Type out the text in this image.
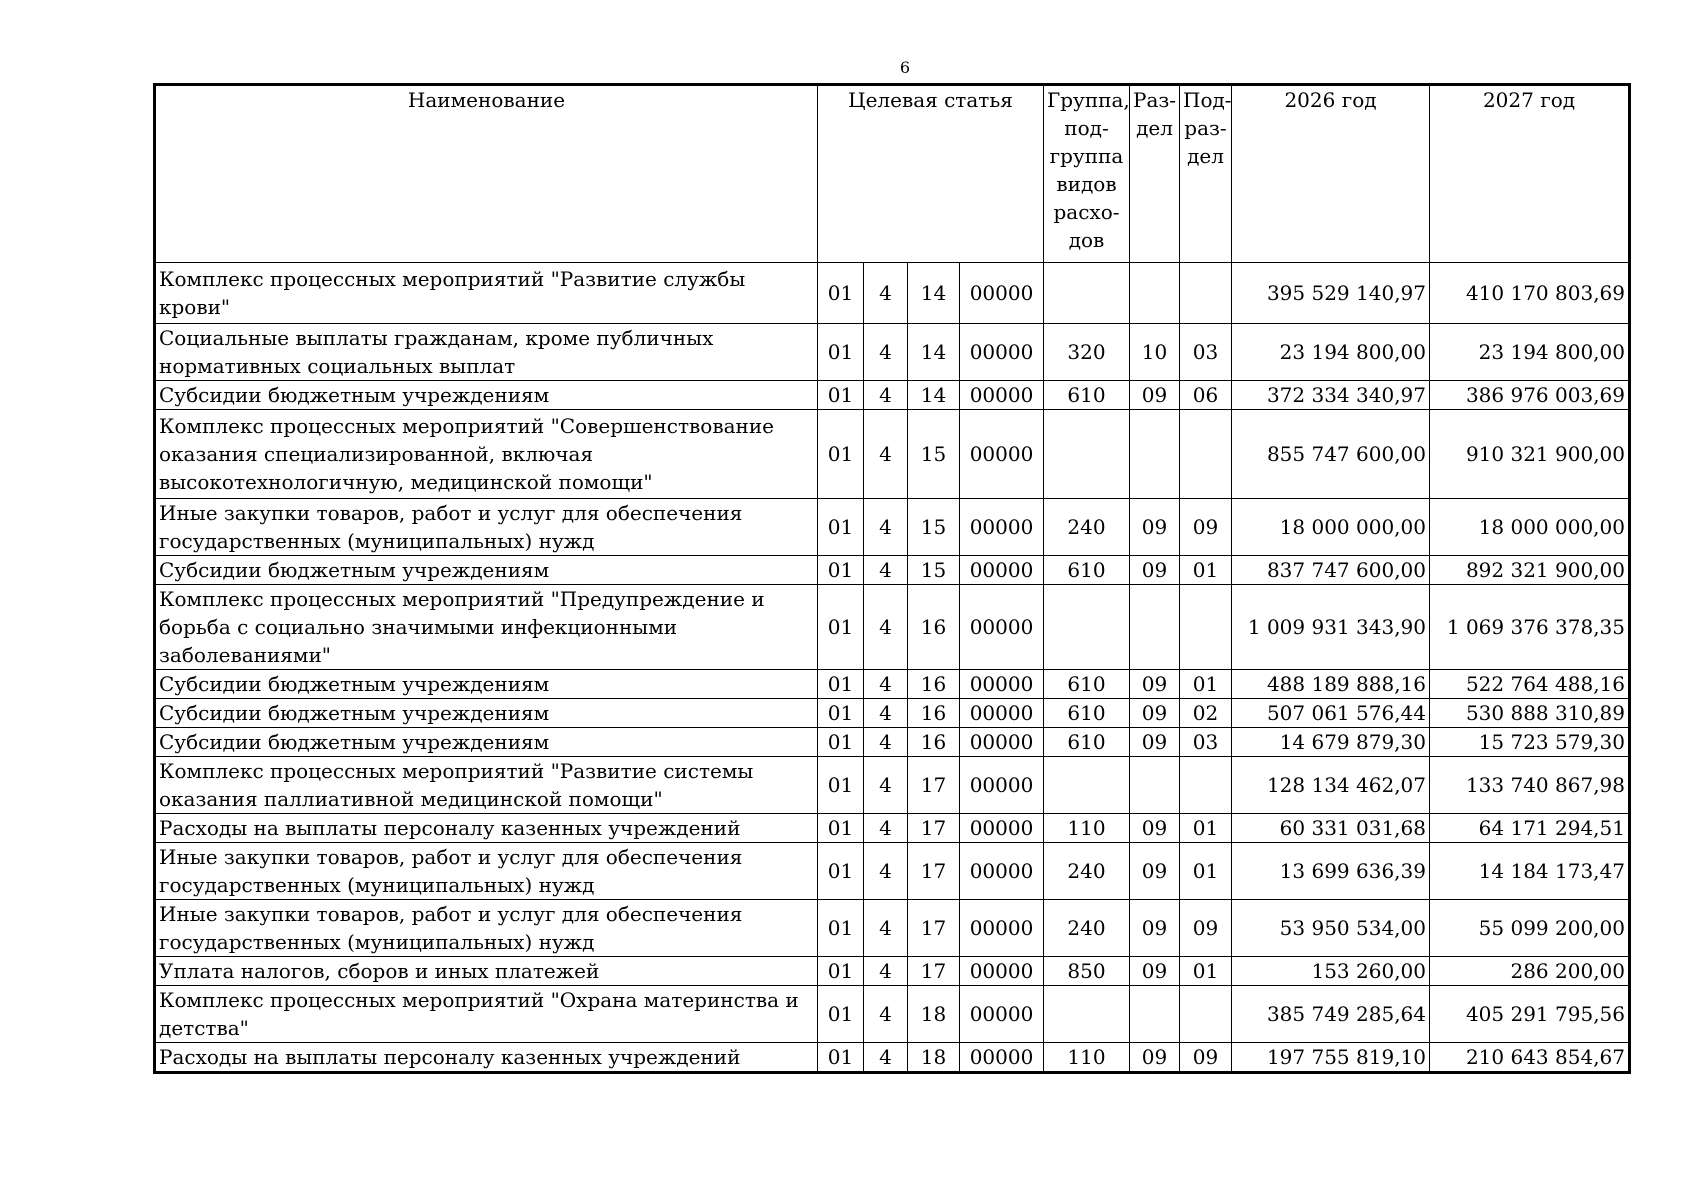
6
Наименование	Целевая статья				Группа, под-группа видов расхо-дов	Раз-дел	Под-раз-дел	2026 год	2027 год
Комплекс процессных мероприятий "Развитие службы крови"	01	4	14	00000				395 529 140,97	410 170 803,69
Социальные выплаты гражданам, кроме публичных нормативных социальных выплат	01	4	14	00000	320	10	03	23 194 800,00	23 194 800,00
Субсидии бюджетным учреждениям	01	4	14	00000	610	09	06	372 334 340,97	386 976 003,69
Комплекс процессных мероприятий "Совершенствование оказания специализированной, включая высокотехнологичную, медицинской помощи"	01	4	15	00000				855 747 600,00	910 321 900,00
Иные закупки товаров, работ и услуг для обеспечения государственных (муниципальных) нужд	01	4	15	00000	240	09	09	18 000 000,00	18 000 000,00
Субсидии бюджетным учреждениям	01	4	15	00000	610	09	01	837 747 600,00	892 321 900,00
Комплекс процессных мероприятий "Предупреждение и борьба с социально значимыми инфекционными заболеваниями"	01	4	16	00000				1 009 931 343,90	1 069 376 378,35
Субсидии бюджетным учреждениям	01	4	16	00000	610	09	01	488 189 888,16	522 764 488,16
Субсидии бюджетным учреждениям	01	4	16	00000	610	09	02	507 061 576,44	530 888 310,89
Субсидии бюджетным учреждениям	01	4	16	00000	610	09	03	14 679 879,30	15 723 579,30
Комплекс процессных мероприятий "Развитие системы оказания паллиативной медицинской помощи"	01	4	17	00000				128 134 462,07	133 740 867,98
Расходы на выплаты персоналу казенных учреждений	01	4	17	00000	110	09	01	60 331 031,68	64 171 294,51
Иные закупки товаров, работ и услуг для обеспечения государственных (муниципальных) нужд	01	4	17	00000	240	09	01	13 699 636,39	14 184 173,47
Иные закупки товаров, работ и услуг для обеспечения государственных (муниципальных) нужд	01	4	17	00000	240	09	09	53 950 534,00	55 099 200,00
Уплата налогов, сборов и иных платежей	01	4	17	00000	850	09	01	153 260,00	286 200,00
Комплекс процессных мероприятий "Охрана материнства и детства"	01	4	18	00000				385 749 285,64	405 291 795,56
Расходы на выплаты персоналу казенных учреждений	01	4	18	00000	110	09	09	197 755 819,10	210 643 854,67
